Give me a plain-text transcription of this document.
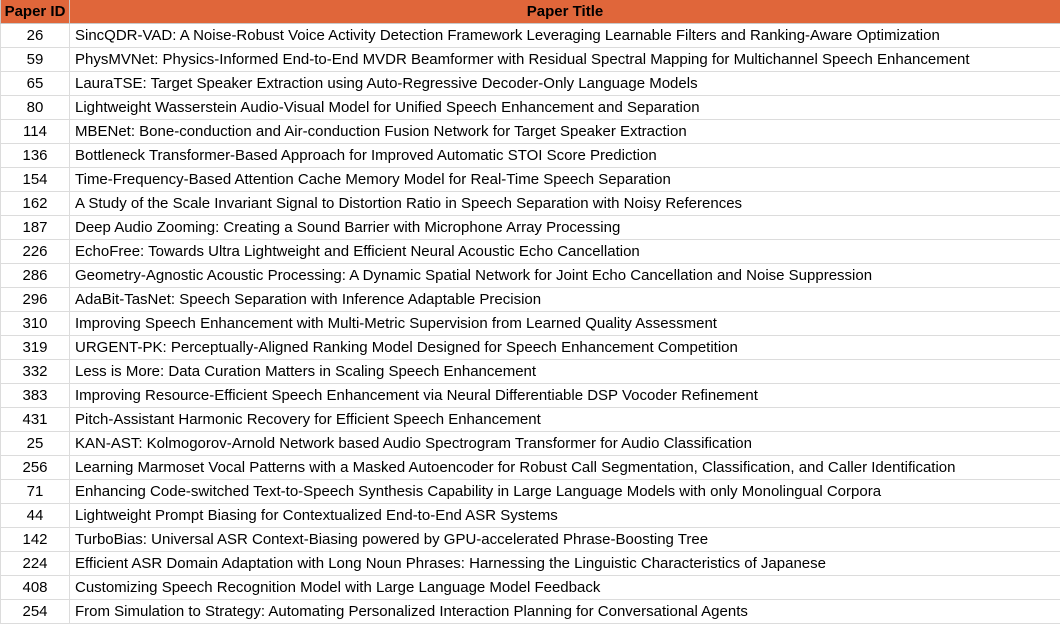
Paper ID	Paper Title
26	SincQDR-VAD: A Noise-Robust Voice Activity Detection Framework Leveraging Learnable Filters and Ranking-Aware Optimization
59	PhysMVNet: Physics-Informed End-to-End MVDR Beamformer with Residual Spectral Mapping for Multichannel Speech Enhancement
65	LauraTSE: Target Speaker Extraction using Auto-Regressive Decoder-Only Language Models
80	Lightweight Wasserstein Audio-Visual Model for Unified Speech Enhancement and Separation
114	MBENet: Bone-conduction and Air-conduction Fusion Network for Target Speaker Extraction
136	Bottleneck Transformer-Based Approach for Improved Automatic STOI Score Prediction
154	Time-Frequency-Based Attention Cache Memory Model for Real-Time Speech Separation
162	A Study of the Scale Invariant Signal to Distortion Ratio in Speech Separation with Noisy References
187	Deep Audio Zooming: Creating a Sound Barrier with Microphone Array Processing
226	EchoFree: Towards Ultra Lightweight and Efficient Neural Acoustic Echo Cancellation
286	Geometry-Agnostic Acoustic Processing: A Dynamic Spatial Network for Joint Echo Cancellation and Noise Suppression
296	AdaBit-TasNet: Speech Separation with Inference Adaptable Precision
310	Improving Speech Enhancement with Multi-Metric Supervision from Learned Quality Assessment
319	URGENT-PK: Perceptually-Aligned Ranking Model Designed for Speech Enhancement Competition
332	Less is More: Data Curation Matters in Scaling Speech Enhancement
383	Improving Resource-Efficient Speech Enhancement via Neural Differentiable DSP Vocoder Refinement
431	Pitch-Assistant Harmonic Recovery for Efficient Speech Enhancement
25	KAN-AST: Kolmogorov-Arnold Network based Audio Spectrogram Transformer for Audio Classification
256	Learning Marmoset Vocal Patterns with a Masked Autoencoder for Robust Call Segmentation, Classification, and Caller Identification
71	Enhancing Code-switched Text-to-Speech Synthesis Capability in Large Language Models with only Monolingual Corpora
44	Lightweight Prompt Biasing for Contextualized End-to-End ASR Systems
142	TurboBias: Universal ASR Context-Biasing powered by GPU-accelerated Phrase-Boosting Tree
224	Efficient ASR Domain Adaptation with Long Noun Phrases: Harnessing the Linguistic Characteristics of Japanese
408	Customizing Speech Recognition Model with Large Language Model Feedback
254	From Simulation to Strategy: Automating Personalized Interaction Planning for Conversational Agents
